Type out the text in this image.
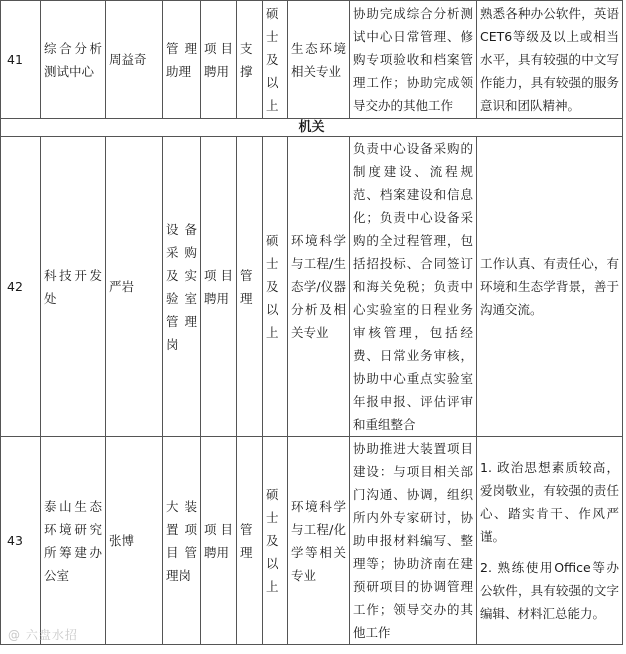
41	综合分析测试中心	周益奇	管理助理	项目聘用	支撑	硕士及以上	生态环境相关专业	协助完成综合分析测试中心日常管理、修购专项验收和档案管理工作；协助完成领导交办的其他工作	熟悉各种办公软件，英语CET6等级及以上或相当水平，具有较强的中文写作能力，具有较强的服务意识和团队精神。
机关									
42	科技开发处	严岩	设备采购及实验室管理岗	项目聘用	管理	硕士及以上	环境科学与工程/生态学/仪器分析及相关专业	负责中心设备采购的制度建设、流程规范、档案建设和信息化；负责中心设备采购的全过程管理，包括招投标、合同签订和海关免税；负责中心实验室的日程业务审核管理，包括经费、日常业务审核，协助中心重点实验室年报申报、评估评审和重组整合	工作认真、有责任心，有环境和生态学背景，善于沟通交流。
43	泰山生态环境研究所筹建办公室	张博	大装置项目管理岗	项目聘用	管理	硕士及以上	环境科学与工程/化学等相关专业	协助推进大装置项目建设：与项目相关部门沟通、协调，组织所内外专家研讨，协助申报材料编写、整理等；协助济南在建预研项目的协调管理工作；领导交办的其他工作	1. 政治思想素质较高，爱岗敬业，有较强的责任心、踏实肯干、作风严谨。
2. 熟练使用Office等办公软件，具有较强的文字编辑、材料汇总能力。
@ 六盘水招
